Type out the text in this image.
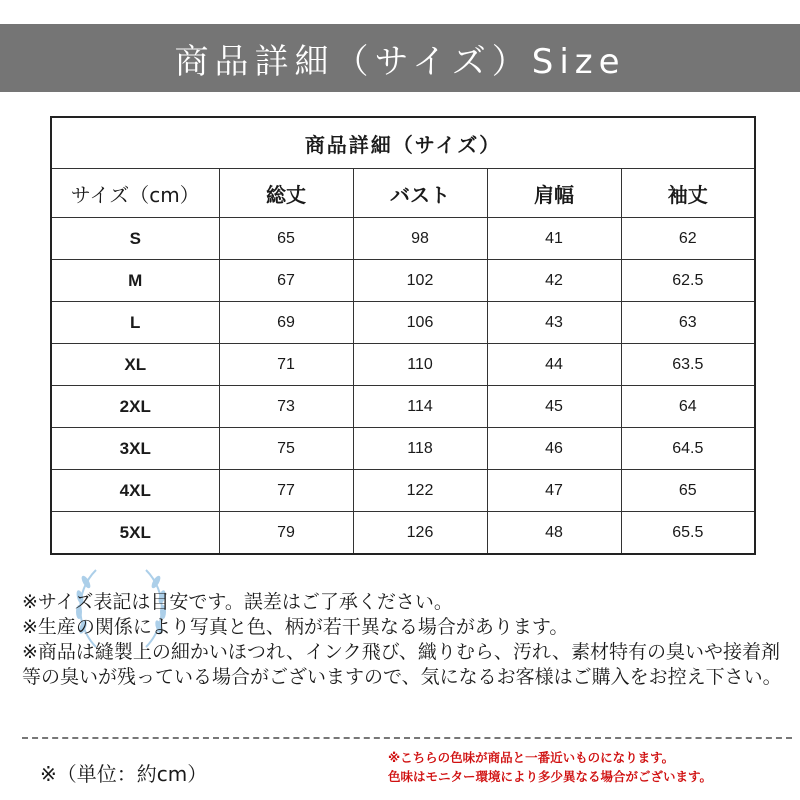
商品詳細（サイズ）Size
商品詳細（サイズ）				
サイズ（cm）	総丈	バスト	肩幅	袖丈
S	65	98	41	62
M	67	102	42	62.5
L	69	106	43	63
XL	71	110	44	63.5
2XL	73	114	45	64
3XL	75	118	46	64.5
4XL	77	122	47	65
5XL	79	126	48	65.5
※サイズ表記は目安です。誤差はご了承ください。
※生産の関係により写真と色、柄が若干異なる場合があります。
※商品は縫製上の細かいほつれ、インク飛び、織りむら、汚れ、素材特有の臭いや接着剤等の臭いが残っている場合がございますので、気になるお客様はご購入をお控え下さい。
※（単位：約cm）
※こちらの色味が商品と一番近いものになります。
色味はモニター環境により多少異なる場合がございます。
